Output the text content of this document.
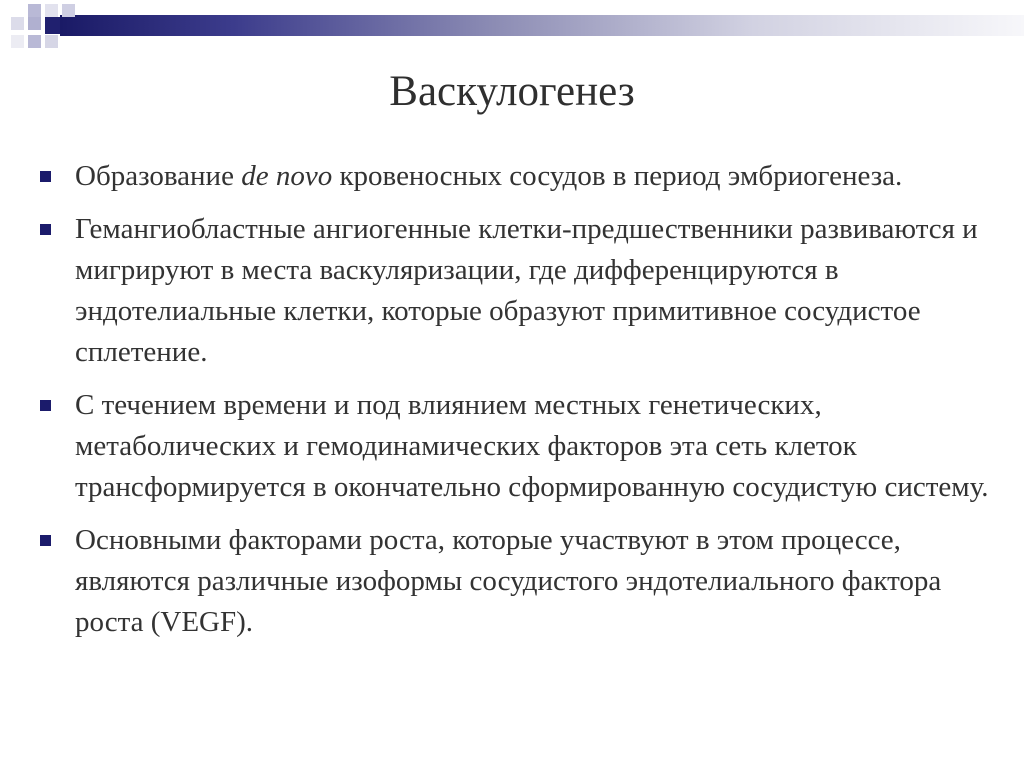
Васкулогенез
Образование de novo кровеносных сосудов в период эмбриогенеза.
Гемангиобластные ангиогенные клетки-предшественники развиваются и мигрируют в места васкуляризации, где дифференцируются в эндотелиальные клетки, которые образуют примитивное сосудистое сплетение.
С течением времени и под влиянием местных генетических, метаболических и гемодинамических факторов эта сеть клеток трансформируется в окончательно сформированную сосудистую систему.
Основными факторами роста, которые участвуют в этом процессе, являются различные изоформы сосудистого эндотелиального фактора роста (VEGF).
